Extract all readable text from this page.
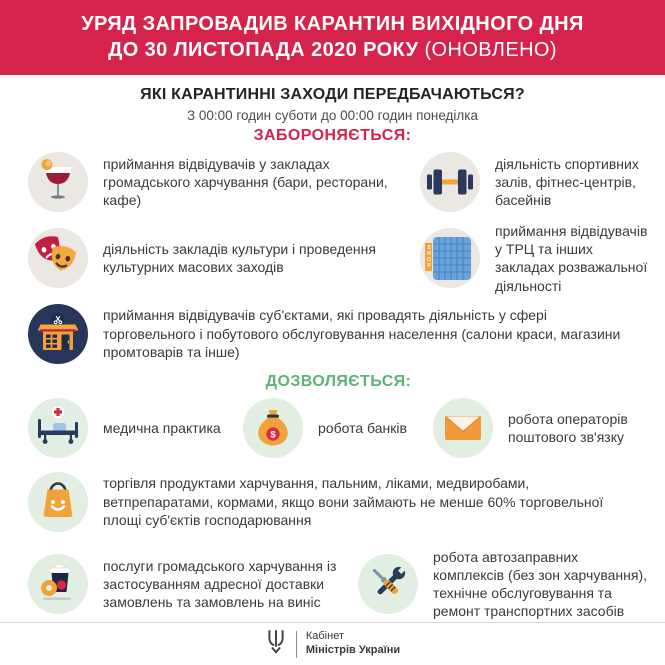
УРЯД ЗАПРОВАДИВ КАРАНТИН ВИХІДНОГО ДНЯ
ДО 30 ЛИСТОПАДА 2020 РОКУ (ОНОВЛЕНО)
ЯКІ КАРАНТИННІ ЗАХОДИ ПЕРЕДБАЧАЮТЬСЯ?
З 00:00 годин суботи до 00:00 годин понеділка
ЗАБОРОНЯЄТЬСЯ:
приймання відвідувачів у закладах громадського харчування (бари, ресторани, кафе)
діяльність спортивних залів, фітнес-центрів, басейнів
діяльність закладів культури і проведення культурних масових заходів	SHOP
приймання відвідувачів у ТРЦ та інших закладах розважальної діяльності
приймання відвідувачів суб'єктами, які провадять діяльність у сфері торговельного і побутового обслуговування населення (салони краси, магазини промтоварів та інше)
ДОЗВОЛЯЄТЬСЯ:
медична практика	$	робота банків
робота операторів поштового зв'язку
торгівля продуктами харчування, пальним, ліками, медвиробами, ветпрепаратами, кормами, якщо вони займають не менше 60% торговельної площі суб'єктів господарювання
послуги громадського харчування із застосуванням адресної доставки замовлень та замовлень на виніс
робота автозаправних комплексів (без зон харчування), технічне обслуговування та ремонт транспортних засобів
Кабінет
Міністрів України
